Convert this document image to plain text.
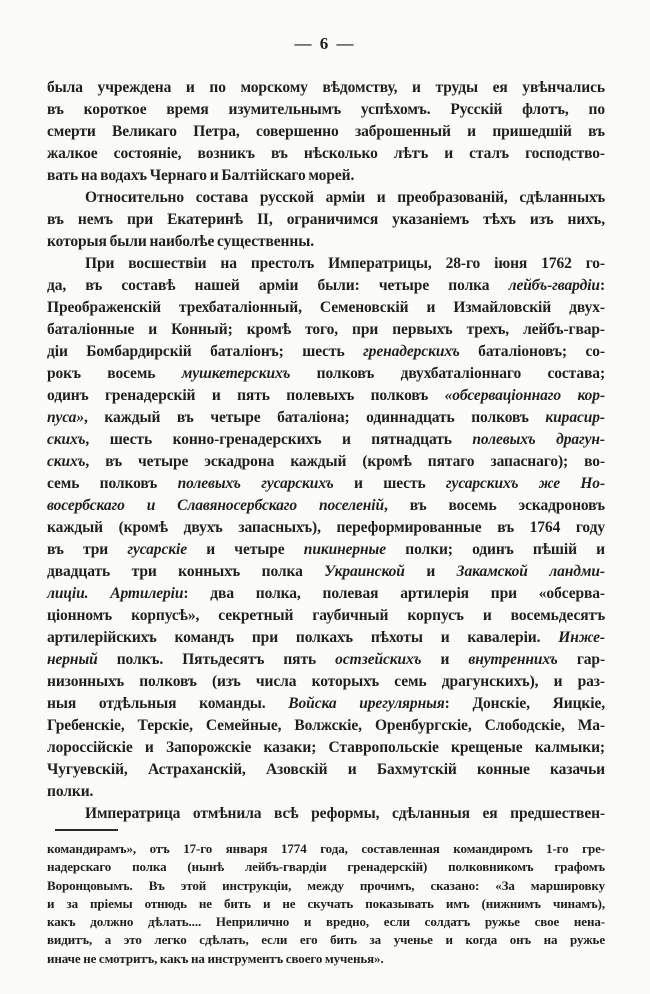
— 6 —
была учреждена и по морскому вѣдомству, и труды ея увѣнчались
въ короткое время изумительнымъ успѣхомъ. Русскій флотъ, по
смерти Великаго Петра, совершенно заброшенный и пришедшій въ
жалкое состояніе, возникъ въ нѣсколько лѣтъ и сталъ господство-
вать на водахъ Чернаго и Балтійскаго морей.
Относительно состава русской арміи и преобразованій, сдѣланныхъ
въ немъ при Екатеринѣ II, ограничимся указаніемъ тѣхъ изъ нихъ,
которыя были наиболѣе существенны.
При восшествіи на престолъ Императрицы, 28-го іюня 1762 го-
да, въ составѣ нашей арміи были: четыре полка лейбъ-гвардіи:
Преображенскій трехбаталіонный, Семеновскій и Измайловскій двух-
баталіонные и Конный; кромѣ того, при первыхъ трехъ, лейбъ-гвар-
діи Бомбардирскій баталіонъ; шесть гренадерскихъ баталіоновъ; со-
рокъ восемь мушкетерскихъ полковъ двухбаталіоннаго состава;
одинъ гренадерскій и пять полевыхъ полковъ «обсерваціоннаго кор-
пуса», каждый въ четыре баталіона; одиннадцать полковъ кирасир-
скихъ, шесть конно-гренадерскихъ и пятнадцать полевыхъ драгун-
скихъ, въ четыре эскадрона каждый (кромѣ пятаго запаснаго); во-
семь полковъ полевыхъ гусарскихъ и шесть гусарскихъ же Но-
восербскаго и Славяносербскаго поселеній, въ восемь эскадроновъ
каждый (кромѣ двухъ запасныхъ), переформированные въ 1764 году
въ три гусарскіе и четыре пикинерные полки; одинъ пѣшій и
двадцать три конныхъ полка Украинской и Закамской ландми-
лиціи. Артилеріи: два полка, полевая артилерія при «обсерва-
ціонномъ корпусѣ», секретный гаубичный корпусъ и восемьдесятъ
артилерійскихъ командъ при полкахъ пѣхоты и кавалеріи. Инже-
нерный полкъ. Пятьдесятъ пять остзейскихъ и внутреннихъ гар-
низонныхъ полковъ (изъ числа которыхъ семь драгунскихъ), и раз-
ныя отдѣльныя команды. Войска ирегулярныя: Донскіе, Яицкіе,
Гребенскіе, Терскіе, Семейные, Волжскіе, Оренбургскіе, Слободскіе, Ма-
лороссійскіе и Запорожскіе казаки; Ставропольскіе крещеные калмыки;
Чугуевскій, Астраханскій, Азовскій и Бахмутскій конные казачьи
полки.
Императрица отмѣнила всѣ реформы, сдѣланныя ея предшествен-
командирамъ», отъ 17-го января 1774 года, составленная командиромъ 1-го гре-
надерскаго полка (нынѣ лейбъ-гвардіи гренадерскій) полковникомъ графомъ
Воронцовымъ. Въ этой инструкціи, между прочимъ, сказано: «За маршировку
и за пріемы отнюдь не бить и не скучать показывать имъ (нижнимъ чинамъ),
какъ должно дѣлать.... Неприлично и вредно, если солдатъ ружье свое нена-
видитъ, а это легко сдѣлать, если его бить за ученье и когда онъ на ружье
иначе не смотритъ, какъ на инструментъ своего мученья».
